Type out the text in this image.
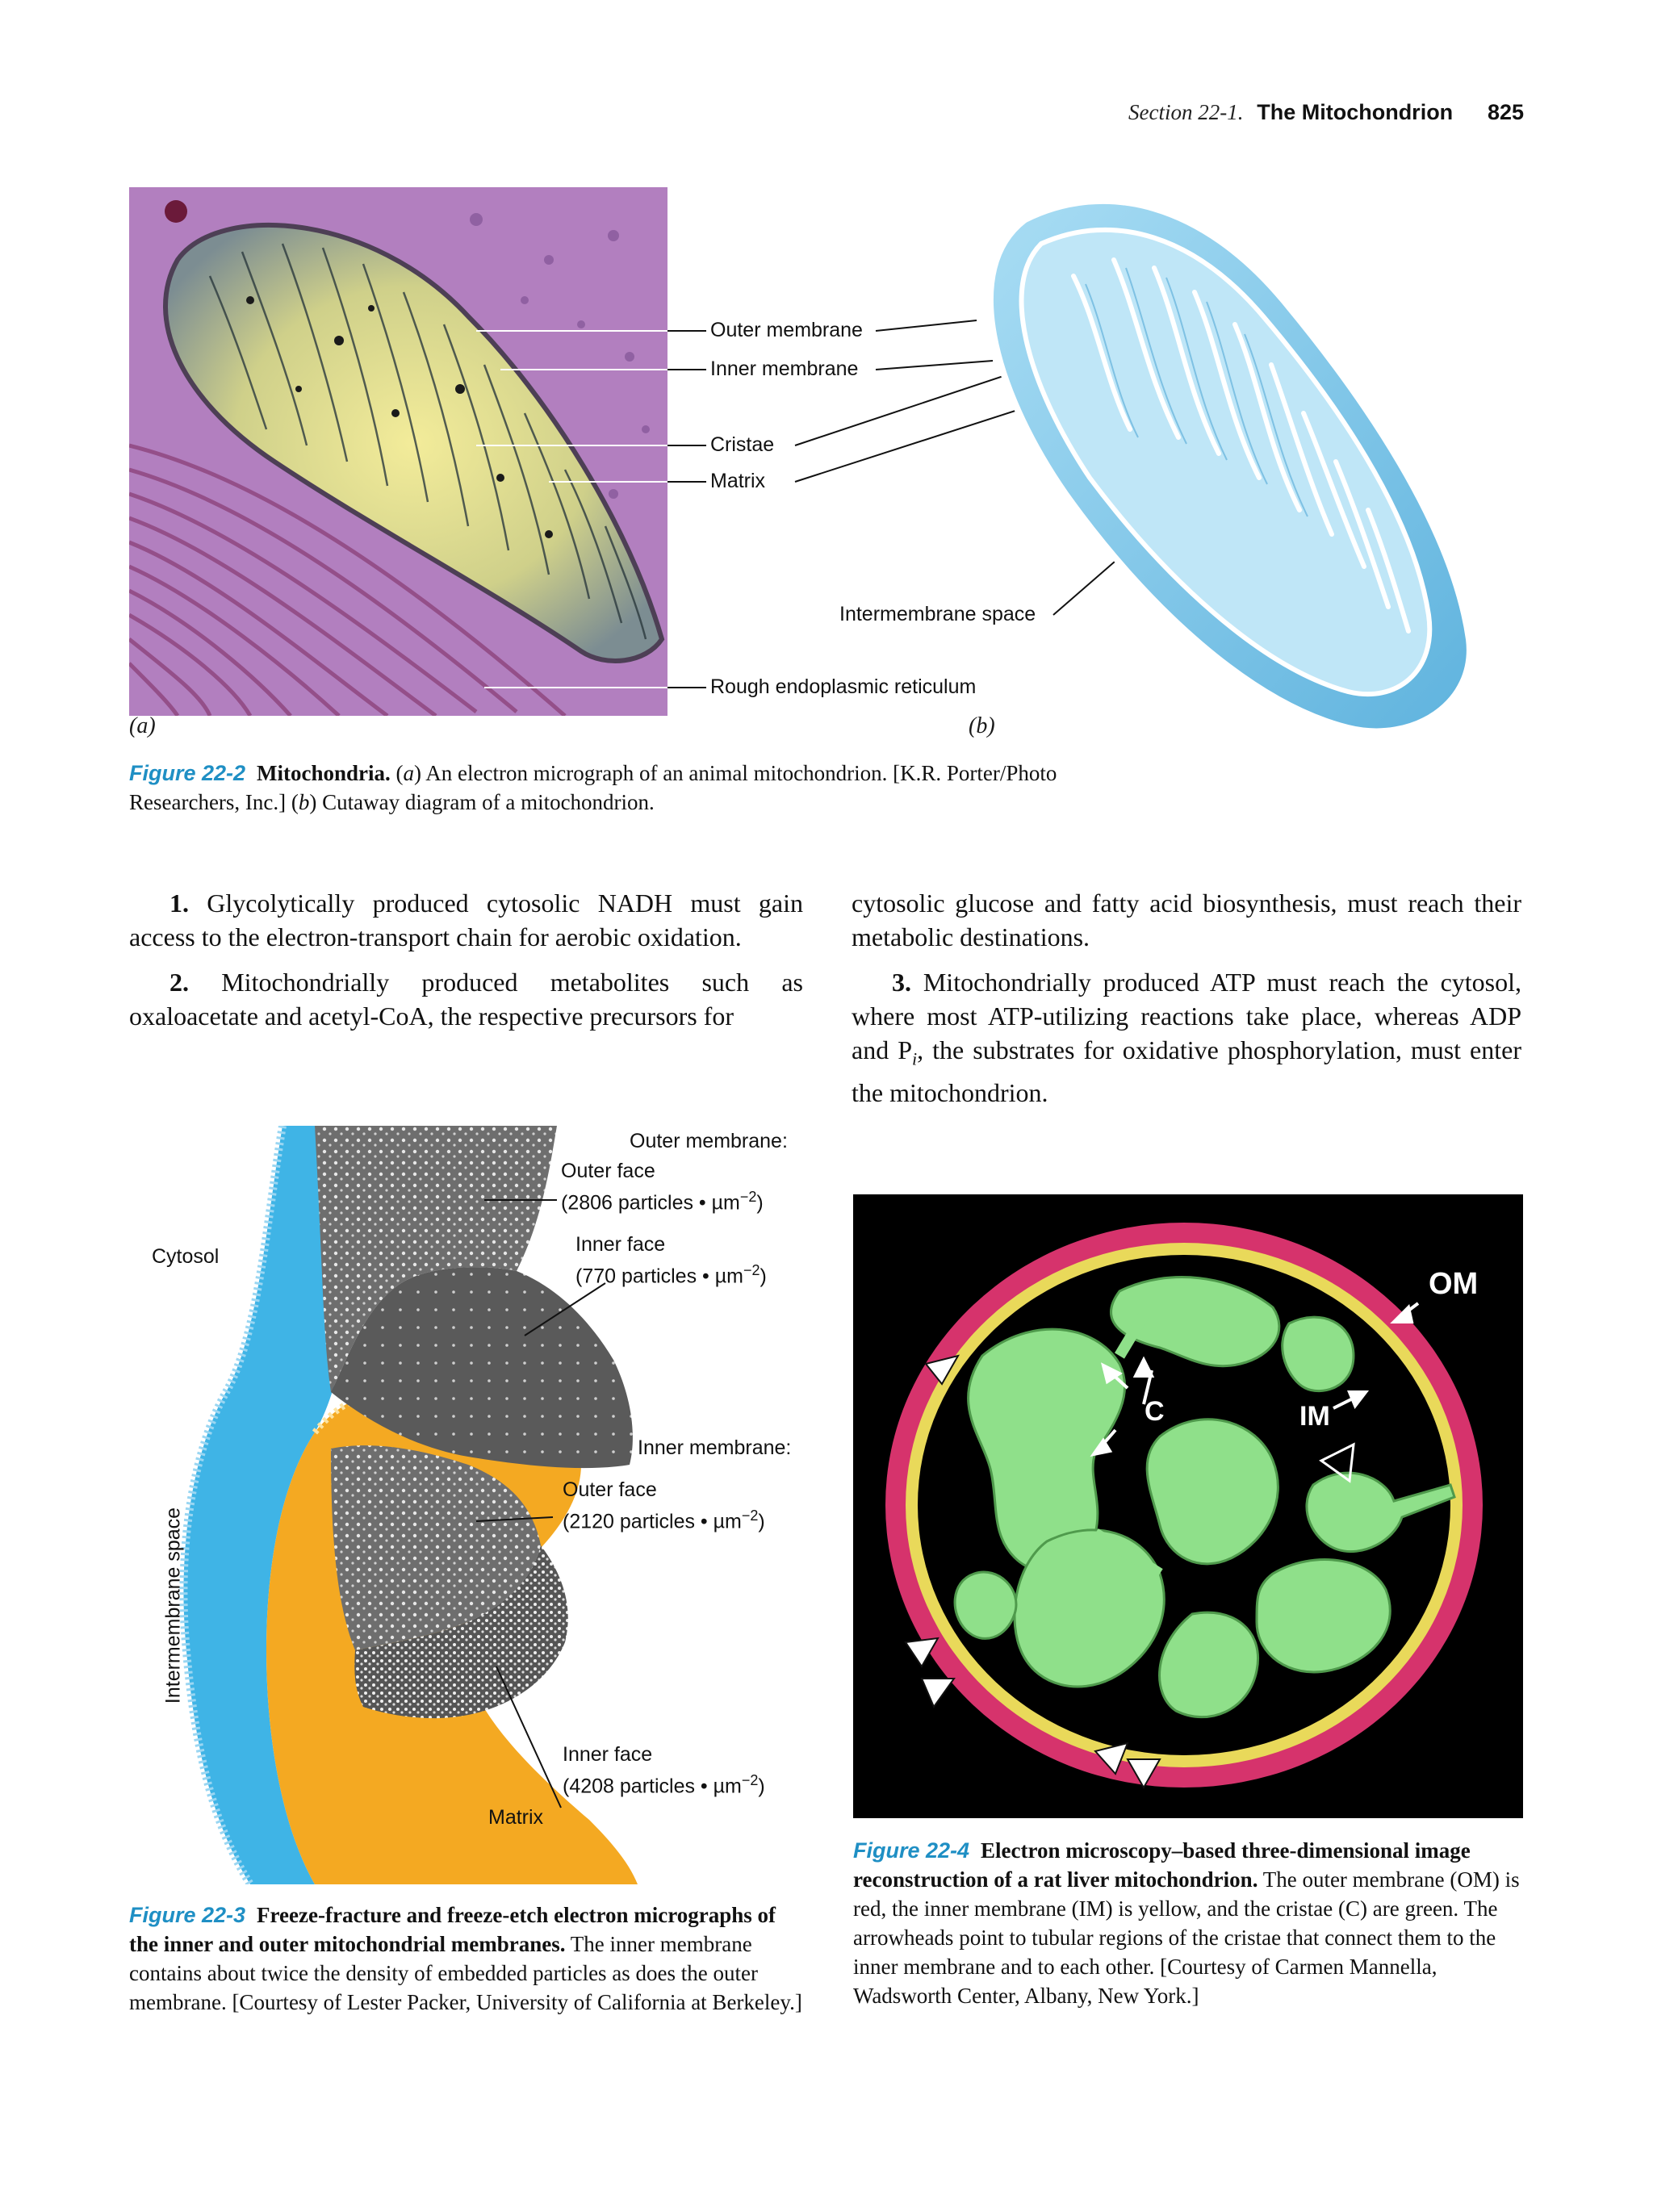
Section 22-1. The Mitochondrion 825
Outer membrane
Inner membrane
Cristae
Matrix
Intermembrane space
Rough endoplasmic reticulum
(a)	(b)
Figure 22-2 Mitochondria. (a) An electron micrograph of an animal mitochondrion. [K.R. Porter/Photo Researchers, Inc.] (b) Cutaway diagram of a mitochondrion.

1. Glycolytically produced cytosolic NADH must gain access to the electron-transport chain for aerobic oxidation.

2. Mitochondrially produced metabolites such as oxaloacetate and acetyl-CoA, the respective precursors for

cytosolic glucose and fatty acid biosynthesis, must reach their metabolic destinations.

3. Mitochondrially produced ATP must reach the cytosol, where most ATP-utilizing reactions take place, whereas ADP and $P_i$, the substrates for oxidative phosphorylation, must enter the mitochondrion.

Outer membrane:
Outer face
(2806 particles • µm$^{-2}$)
Inner face
(770 particles • µm$^{-2}$)
Cytosol
Inner membrane:
Outer face
(2120 particles • µm$^{-2}$)
Inner face
(4208 particles • µm$^{-2}$)
Matrix
Intermembrane space
Figure 22-3 Freeze-fracture and freeze-etch electron micrographs of the inner and outer mitochondrial membranes. The inner membrane contains about twice the density of embedded particles as does the outer membrane. [Courtesy of Lester Packer, University of California at Berkeley.]
OM
IM
C
Figure 22-4 Electron microscopy–based three-dimensional image reconstruction of a rat liver mitochondrion. The outer membrane (OM) is red, the inner membrane (IM) is yellow, and the cristae (C) are green. The arrowheads point to tubular regions of the cristae that connect them to the inner membrane and to each other. [Courtesy of Carmen Mannella, Wadsworth Center, Albany, New York.]
